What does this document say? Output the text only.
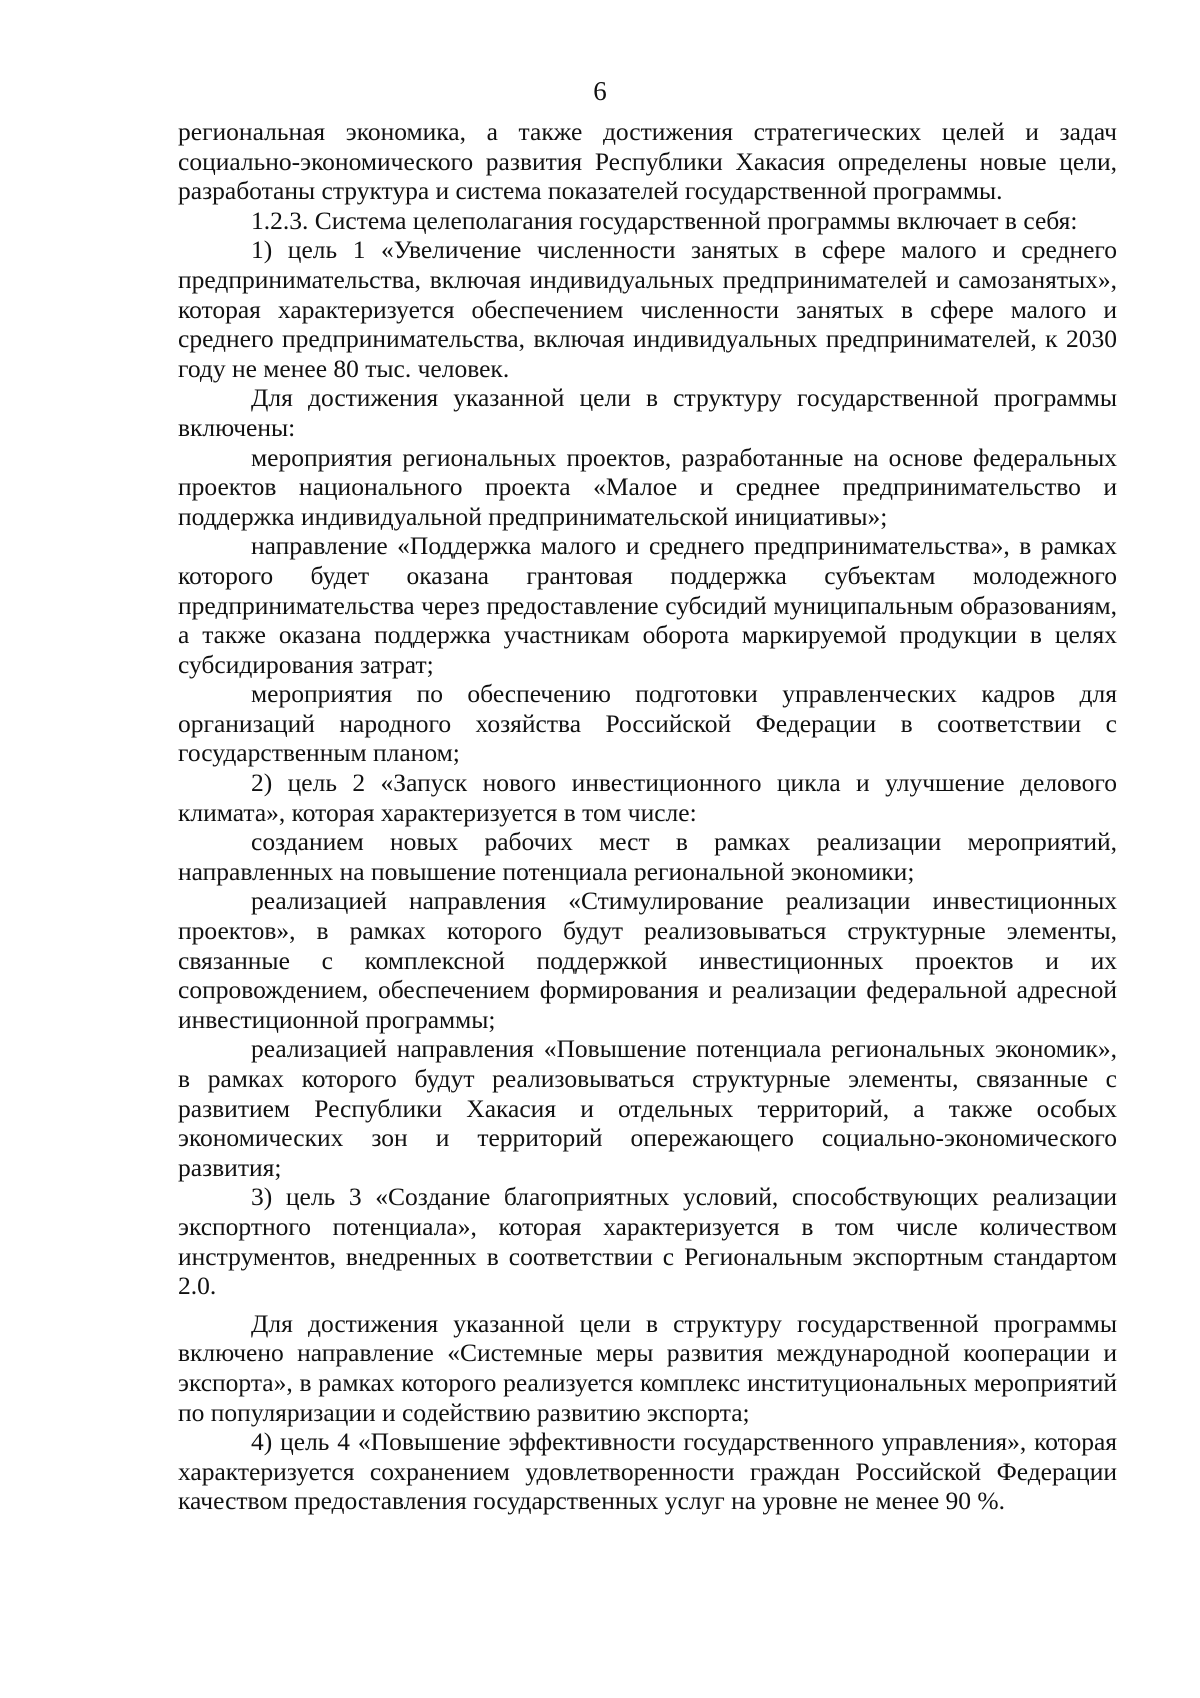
6

региональная экономика, а также достижения стратегических целей и задач социально-экономического развития Республики Хакасия определены новые цели, разработаны структура и система показателей государственной программы.

1.2.3. Система целеполагания государственной программы включает в себя:

1) цель 1 «Увеличение численности занятых в сфере малого и среднего предпринимательства, включая индивидуальных предпринимателей и самозанятых», которая характеризуется обеспечением численности занятых в сфере малого и среднего предпринимательства, включая индивидуальных предпринимателей, к 2030 году не менее 80 тыс. человек.

Для достижения указанной цели в структуру государственной программы включены:

мероприятия региональных проектов, разработанные на основе федеральных проектов национального проекта «Малое и среднее предпринимательство и поддержка индивидуальной предпринимательской инициативы»;

направление «Поддержка малого и среднего предпринимательства», в рамках которого будет оказана грантовая поддержка субъектам молодежного предпринимательства через предоставление субсидий муниципальным образованиям, а также оказана поддержка участникам оборота маркируемой продукции в целях субсидирования затрат;

мероприятия по обеспечению подготовки управленческих кадров для организаций народного хозяйства Российской Федерации в соответствии с государственным планом;

2) цель 2 «Запуск нового инвестиционного цикла и улучшение делового климата», которая характеризуется в том числе:

созданием новых рабочих мест в рамках реализации мероприятий, направленных на повышение потенциала региональной экономики;

реализацией направления «Стимулирование реализации инвестиционных проектов», в рамках которого будут реализовываться структурные элементы, связанные с комплексной поддержкой инвестиционных проектов и их сопровождением, обеспечением формирования и реализации федеральной адресной инвестиционной программы;

реализацией направления «Повышение потенциала региональных экономик», в рамках которого будут реализовываться структурные элементы, связанные с развитием Республики Хакасия и отдельных территорий, а также особых экономических зон и территорий опережающего социально-экономического развития;

3) цель 3 «Создание благоприятных условий, способствующих реализации экспортного потенциала», которая характеризуется в том числе количеством инструментов, внедренных в соответствии с Региональным экспортным стандартом 2.0.

Для достижения указанной цели в структуру государственной программы включено направление «Системные меры развития международной кооперации и экспорта», в рамках которого реализуется комплекс институциональных мероприятий по популяризации и содействию развитию экспорта;

4) цель 4 «Повышение эффективности государственного управления», которая характеризуется сохранением удовлетворенности граждан Российской Федерации качеством предоставления государственных услуг на уровне не менее 90 %.
